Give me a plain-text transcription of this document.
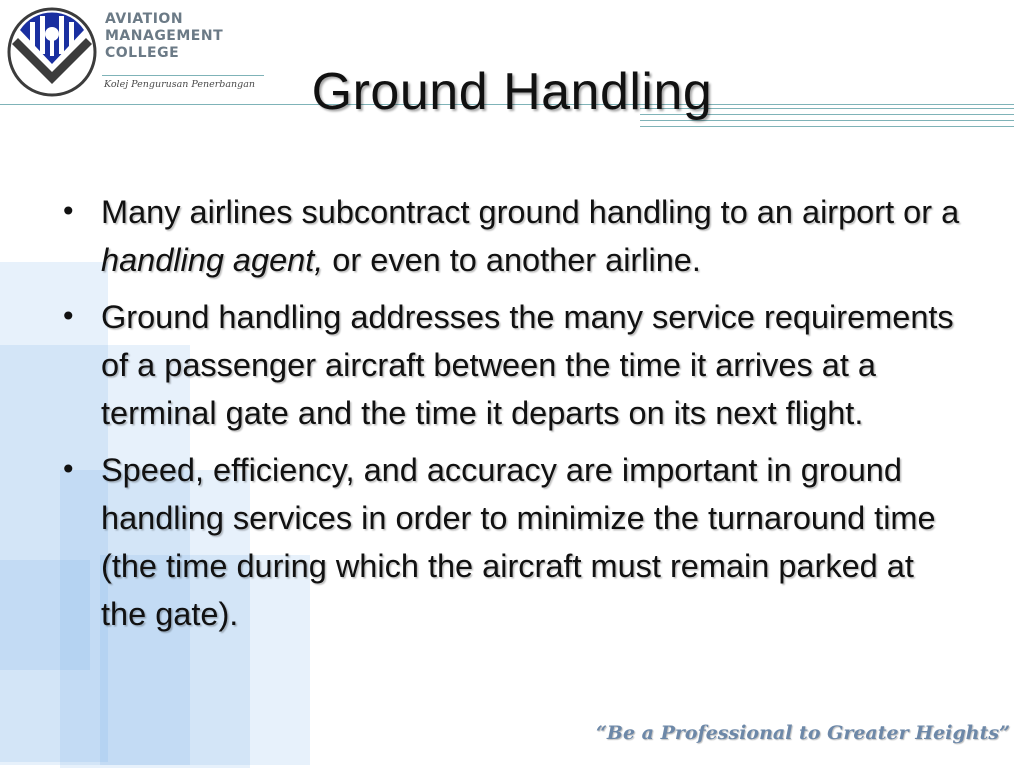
AVIATION
MANAGEMENT
COLLEGE
Kolej Pengurusan Penerbangan	Ground Handling
• Many airlines subcontract ground handling to an airport or a handling agent, or even to another airline.
• Ground handling addresses the many service requirements of a passenger aircraft between the time it arrives at a terminal gate and the time it departs on its next flight.
• Speed, efficiency, and accuracy are important in ground handling services in order to minimize the turnaround time (the time during which the aircraft must remain parked at the gate).
“Be a Professional to Greater Heights”
